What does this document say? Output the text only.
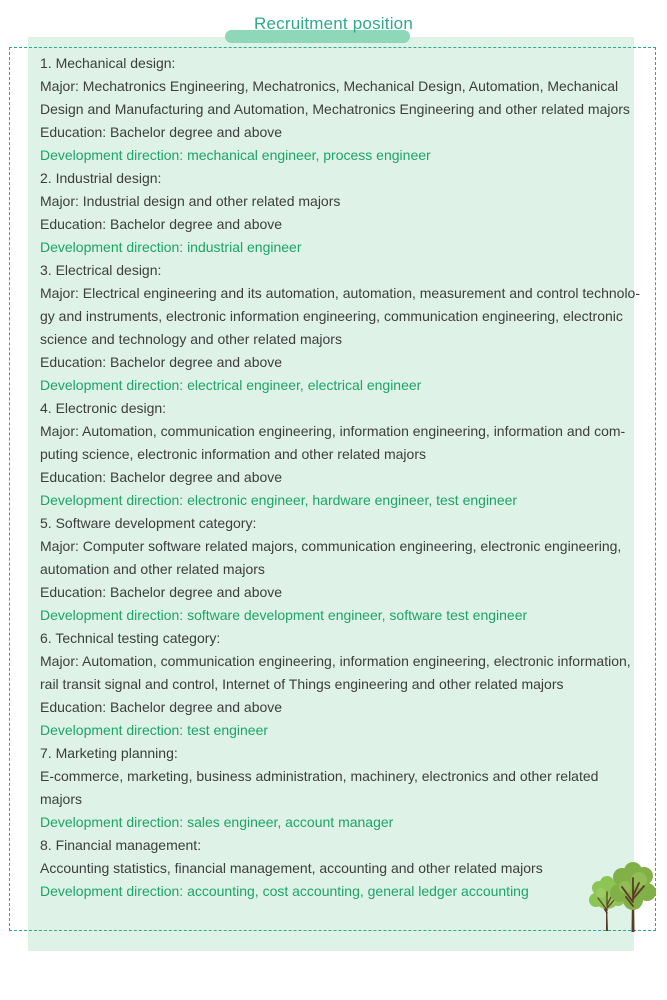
Recruitment position
1. Mechanical design:
Major: Mechatronics Engineering, Mechatronics, Mechanical Design, Automation, Mechanical
Design and Manufacturing and Automation, Mechatronics Engineering and other related majors
Education: Bachelor degree and above
Development direction: mechanical engineer, process engineer
2. Industrial design:
Major: Industrial design and other related majors
Education: Bachelor degree and above
Development direction: industrial engineer
3. Electrical design:
Major: Electrical engineering and its automation, automation, measurement and control technolo-
gy and instruments, electronic information engineering, communication engineering, electronic
science and technology and other related majors
Education: Bachelor degree and above
Development direction: electrical engineer, electrical engineer
4. Electronic design:
Major: Automation, communication engineering, information engineering, information and com-
puting science, electronic information and other related majors
Education: Bachelor degree and above
Development direction: electronic engineer, hardware engineer, test engineer
5. Software development category:
Major: Computer software related majors, communication engineering, electronic engineering,
automation and other related majors
Education: Bachelor degree and above
Development direction: software development engineer, software test engineer
6. Technical testing category:
Major: Automation, communication engineering, information engineering, electronic information,
rail transit signal and control, Internet of Things engineering and other related majors
Education: Bachelor degree and above
Development direction: test engineer
7. Marketing planning:
E-commerce, marketing, business administration, machinery, electronics and other related
majors
Development direction: sales engineer, account manager
8. Financial management:
Accounting statistics, financial management, accounting and other related majors
Development direction: accounting, cost accounting, general ledger accounting
